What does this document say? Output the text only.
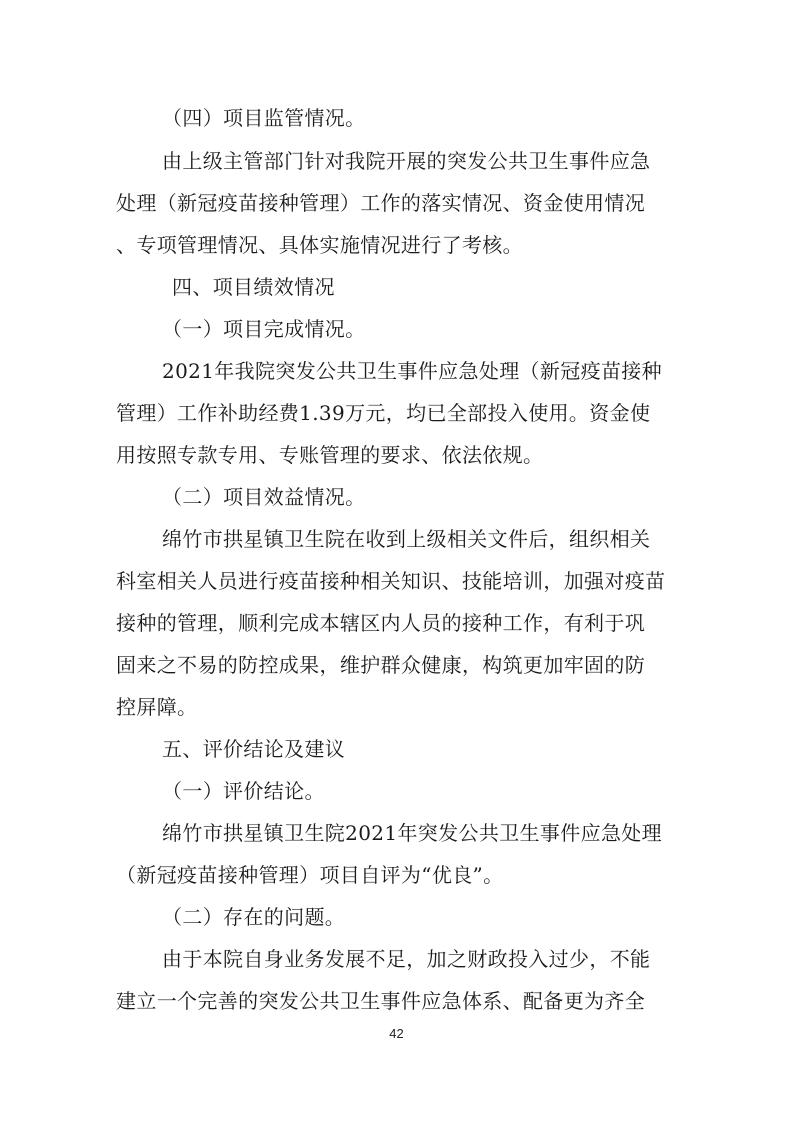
（四）项目监管情况。
由上级主管部门针对我院开展的突发公共卫生事件应急
处理（新冠疫苗接种管理）工作的落实情况、资金使用情况
、专项管理情况、具体实施情况进行了考核。
四、项目绩效情况
（一）项目完成情况。
2021年我院突发公共卫生事件应急处理（新冠疫苗接种
管理）工作补助经费1.39万元，均已全部投入使用。资金使
用按照专款专用、专账管理的要求、依法依规。
（二）项目效益情况。
绵竹市拱星镇卫生院在收到上级相关文件后，组织相关
科室相关人员进行疫苗接种相关知识、技能培训，加强对疫苗
接种的管理，顺利完成本辖区内人员的接种工作，有利于巩
固来之不易的防控成果，维护群众健康，构筑更加牢固的防
控屏障。
五、评价结论及建议
（一）评价结论。
绵竹市拱星镇卫生院2021年突发公共卫生事件应急处理
（新冠疫苗接种管理）项目自评为“优良”。
（二）存在的问题。
由于本院自身业务发展不足，加之财政投入过少，不能
建立一个完善的突发公共卫生事件应急体系、配备更为齐全
42
